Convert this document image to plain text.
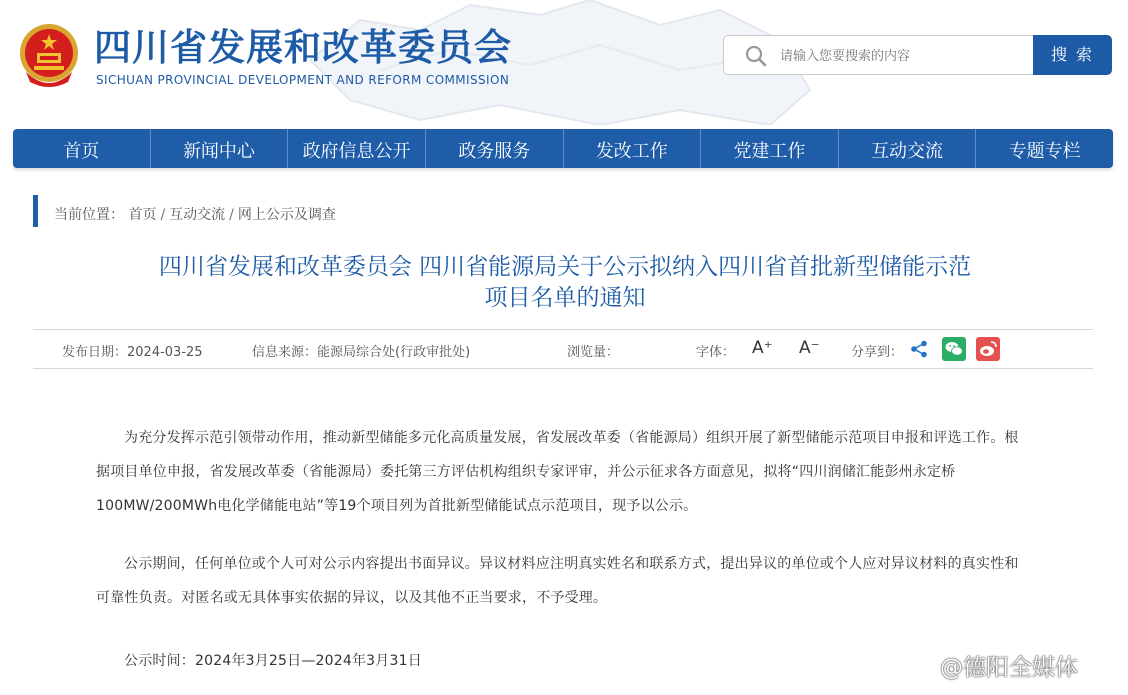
四川省发展和改革委员会
SICHUAN PROVINCIAL DEVELOPMENT AND REFORM COMMISSION
请输入您要搜索的内容
搜 索
首页	新闻中心	政府信息公开	政务服务	发改工作	党建工作	互动交流	专题专栏
当前位置： 首页 / 互动交流 / 网上公示及调查
四川省发展和改革委员会 四川省能源局关于公示拟纳入四川省首批新型储能示范
项目名单的通知
发布日期：2024-03-25	信息来源：能源局综合处(行政审批处)	浏览量：	字体： A⁺ A⁻ 分享到：
为充分发挥示范引领带动作用，推动新型储能多元化高质量发展，省发展改革委（省能源局）组织开展了新型储能示范项目申报和评选工作。根据项目单位申报，省发展改革委（省能源局）委托第三方评估机构组织专家评审，并公示征求各方面意见，拟将“四川润储汇能彭州永定桥100MW/200MWh电化学储能电站”等19个项目列为首批新型储能试点示范项目，现予以公示。
公示期间，任何单位或个人可对公示内容提出书面异议。异议材料应注明真实姓名和联系方式，提出异议的单位或个人应对异议材料的真实性和可靠性负责。对匿名或无具体事实依据的异议，以及其他不正当要求，不予受理。
公示时间：2024年3月25日—2024年3月31日	@德阳全媒体
